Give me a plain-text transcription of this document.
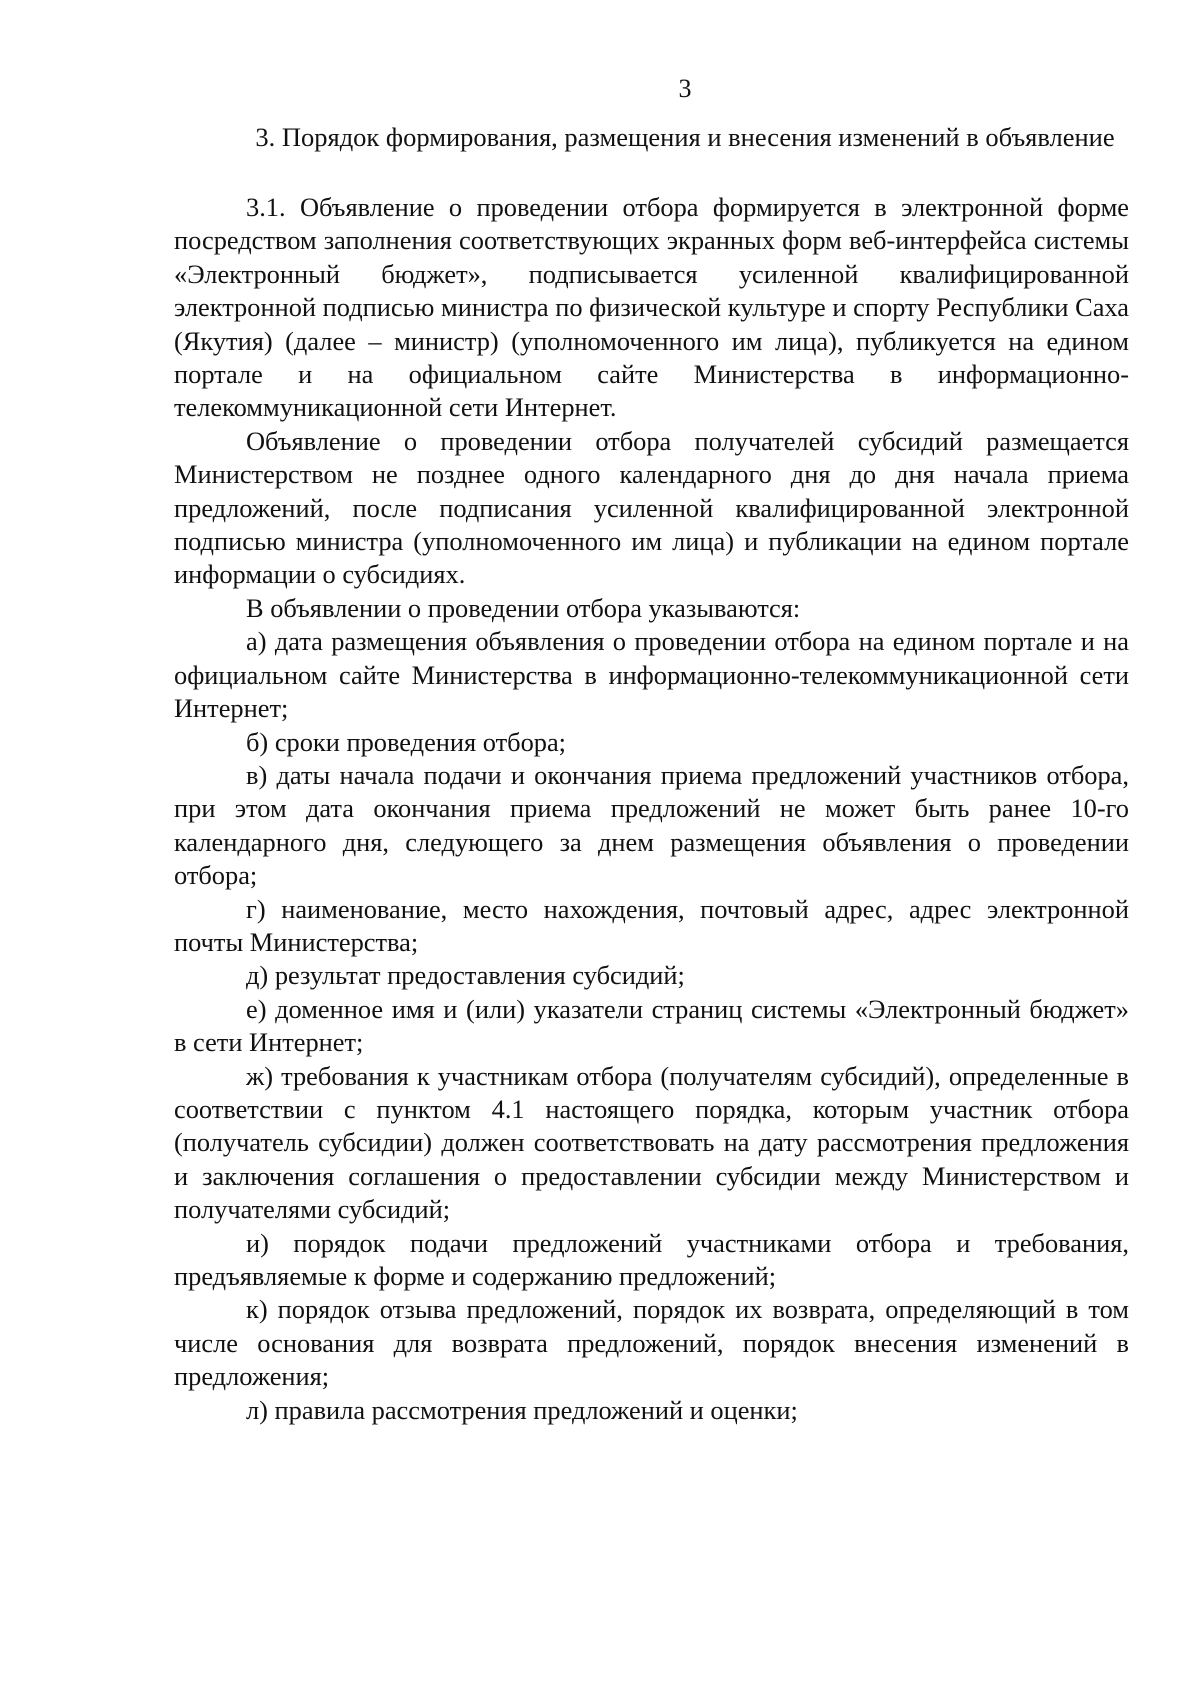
3
3. Порядок формирования, размещения и внесения изменений в объявление

3.1. Объявление о проведении отбора формируется в электронной форме посредством заполнения соответствующих экранных форм веб-интерфейса системы «Электронный бюджет», подписывается усиленной квалифицированной электронной подписью министра по физической культуре и спорту Республики Саха (Якутия) (далее – министр) (уполномоченного им лица), публикуется на едином портале и на официальном сайте Министерства в информационно-телекоммуникационной сети Интернет.

Объявление о проведении отбора получателей субсидий размещается Министерством не позднее одного календарного дня до дня начала приема предложений, после подписания усиленной квалифицированной электронной подписью министра (уполномоченного им лица) и публикации на едином портале информации о субсидиях.

В объявлении о проведении отбора указываются:

а) дата размещения объявления о проведении отбора на едином портале и на официальном сайте Министерства в информационно-телекоммуникационной сети Интернет;

б) сроки проведения отбора;

в) даты начала подачи и окончания приема предложений участников отбора, при этом дата окончания приема предложений не может быть ранее 10-го календарного дня, следующего за днем размещения объявления о проведении отбора;

г) наименование, место нахождения, почтовый адрес, адрес электронной почты Министерства;

д) результат предоставления субсидий;

е) доменное имя и (или) указатели страниц системы «Электронный бюджет» в сети Интернет;

ж) требования к участникам отбора (получателям субсидий), определенные в соответствии с пунктом 4.1 настоящего порядка, которым участник отбора (получатель субсидии) должен соответствовать на дату рассмотрения предложения и заключения соглашения о предоставлении субсидии между Министерством и получателями субсидий;

и) порядок подачи предложений участниками отбора и требования, предъявляемые к форме и содержанию предложений;

к) порядок отзыва предложений, порядок их возврата, определяющий в том числе основания для возврата предложений, порядок внесения изменений в предложения;

л) правила рассмотрения предложений и оценки;
